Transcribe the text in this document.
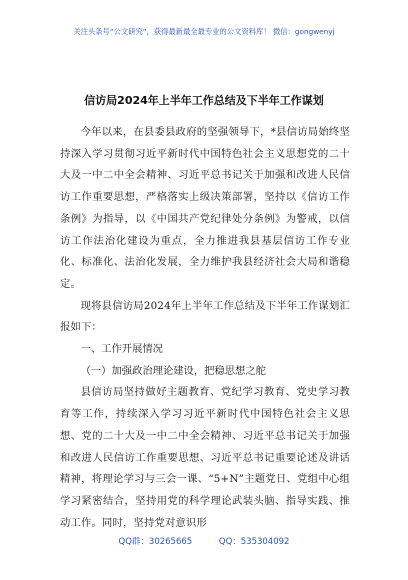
关注头条号“公文研究”，获得最新最全最专业的公文资料库！ 微信：gongwenyj
信访局2024年上半年工作总结及下半年工作谋划

今年以来，在县委县政府的坚强领导下，*县信访局始终坚持深入学习贯彻习近平新时代中国特色社会主义思想党的二十大及一中二中全会精神、习近平总书记关于加强和改进人民信访工作重要思想，严格落实上级决策部署，坚持以《信访工作条例》为指导，以《中国共产党纪律处分条例》为警戒，以信访工作法治化建设为重点，全力推进我县基层信访工作专业化、标准化、法治化发展，全力维护我县经济社会大局和谐稳定。

现将县信访局2024年上半年工作总结及下半年工作谋划汇报如下：

一、工作开展情况

（一）加强政治理论建设，把稳思想之舵

县信访局坚持做好主题教育、党纪学习教育、党史学习教育等工作，持续深入学习习近平新时代中国特色社会主义思想、党的二十大及一中二中全会精神、习近平总书记关于加强和改进人民信访工作重要思想、习近平总书记重要论述及讲话精神，将理论学习与三会一课、“5+N”主题党日、党组中心组学习紧密结合，坚持用党的科学理论武装头脑、指导实践、推动工作。同时，坚持党对意识形

QQ群：30265665	QQ：535304092
